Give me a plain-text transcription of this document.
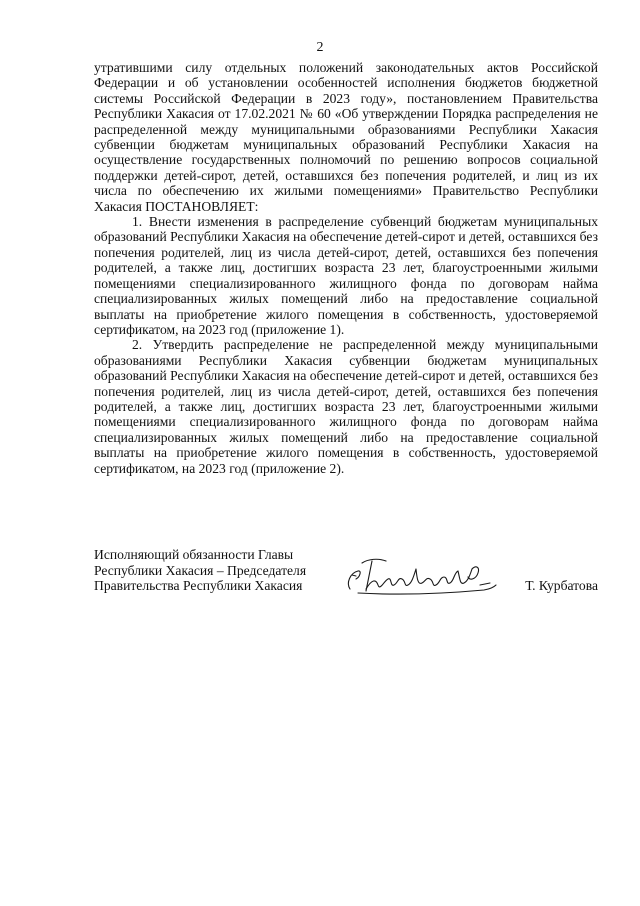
2

утратившими силу отдельных положений законодательных актов Российской Федерации и об установлении особенностей исполнения бюджетов бюджетной системы Российской Федерации в 2023 году», постановлением Правительства Республики Хакасия от 17.02.2021 № 60 «Об утверждении Порядка распределения не распределенной между муниципальными образованиями Республики Хакасия субвенции бюджетам муниципальных образований Республики Хакасия на осуществление государственных полномочий по решению вопросов социальной поддержки детей-сирот, детей, оставшихся без попечения родителей, и лиц из их числа по обеспечению их жилыми помещениями» Правительство Республики Хакасия ПОСТАНОВЛЯЕТ:

1. Внести изменения в распределение субвенций бюджетам муниципальных образований Республики Хакасия на обеспечение детей-сирот и детей, оставшихся без попечения родителей, лиц из числа детей-сирот, детей, оставшихся без попечения родителей, а также лиц, достигших возраста 23 лет, благоустроенными жилыми помещениями специализированного жилищного фонда по договорам найма специализированных жилых помещений либо на предоставление социальной выплаты на приобретение жилого помещения в собственность, удостоверяемой сертификатом, на 2023 год (приложение 1).

2. Утвердить распределение не распределенной между муниципальными образованиями Республики Хакасия субвенции бюджетам муниципальных образований Республики Хакасия на обеспечение детей-сирот и детей, оставшихся без попечения родителей, лиц из числа детей-сирот, детей, оставшихся без попечения родителей, а также лиц, достигших возраста 23 лет, благоустроенными жилыми помещениями специализированного жилищного фонда по договорам найма специализированных жилых помещений либо на предоставление социальной выплаты на приобретение жилого помещения в собственность, удостоверяемой сертификатом, на 2023 год (приложение 2).

Исполняющий обязанности Главы
Республики Хакасия – Председателя
Правительства Республики Хакасия	Т. Курбатова
